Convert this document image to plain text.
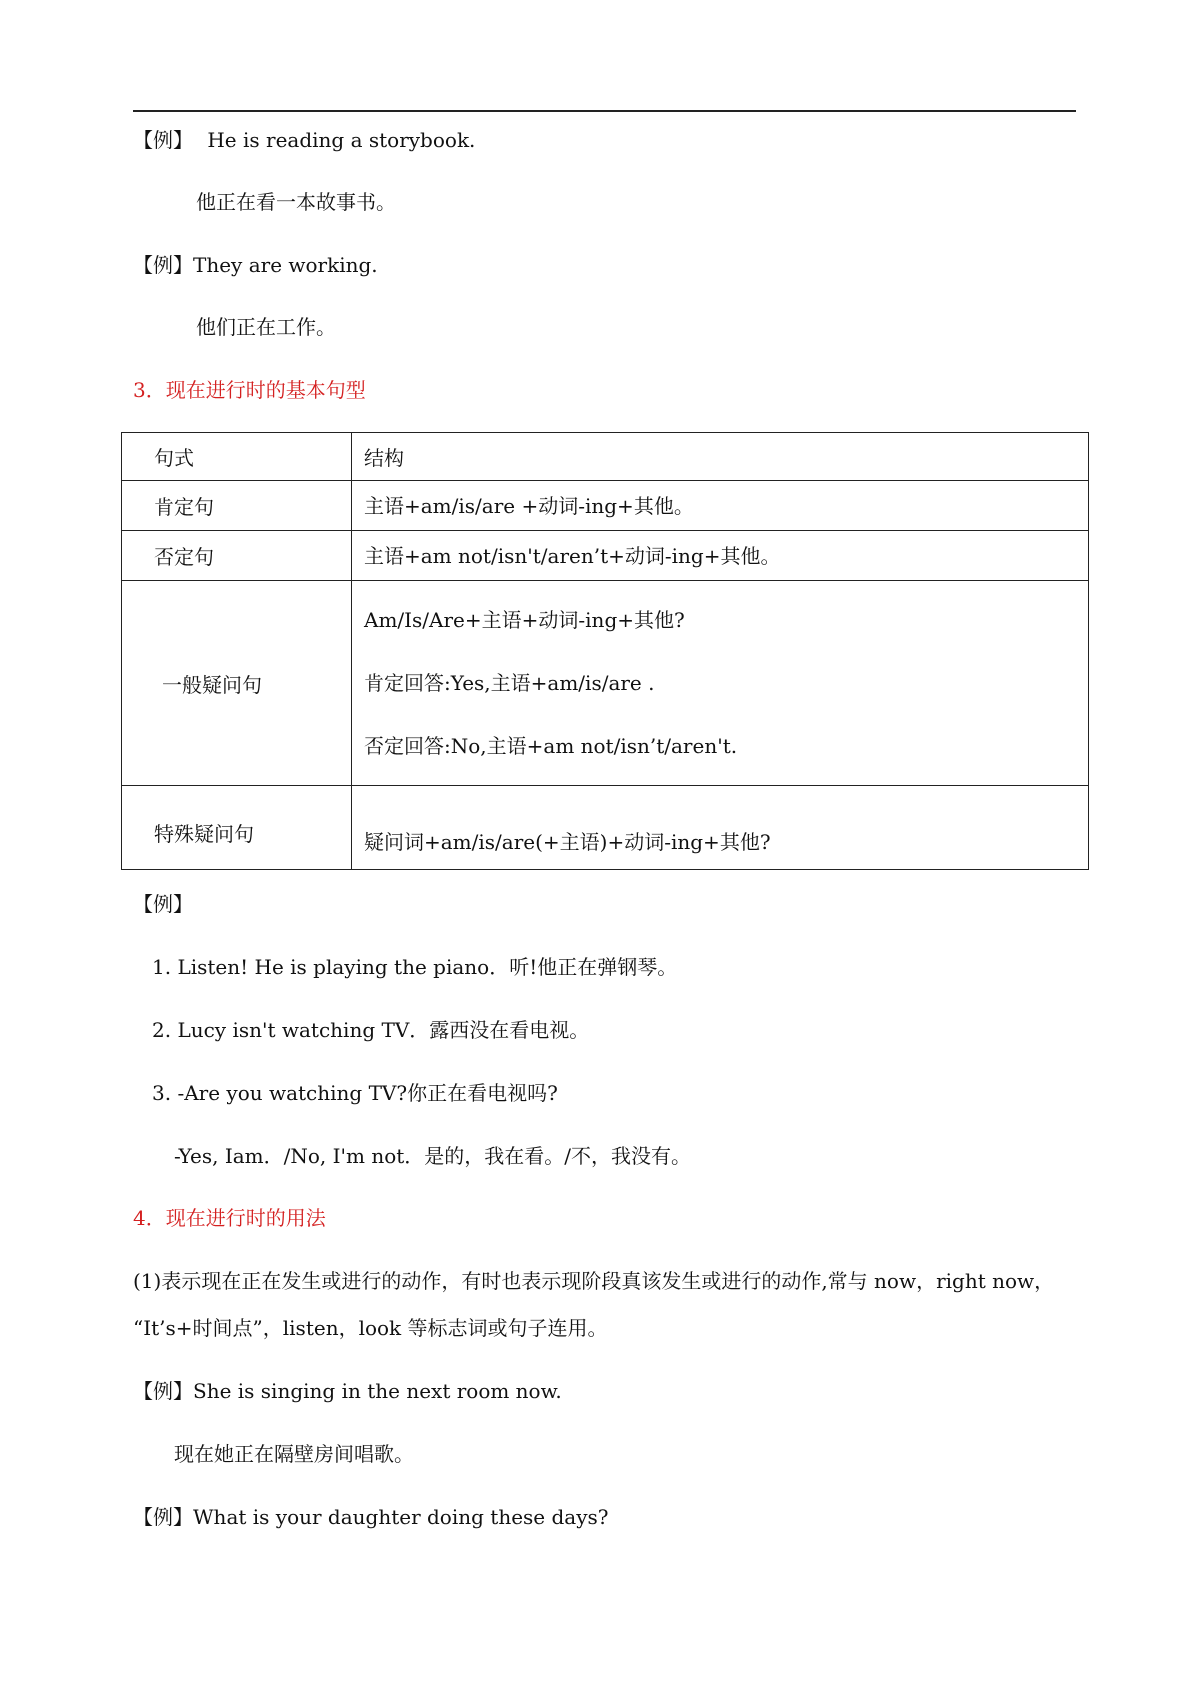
【例】 He is reading a storybook.
他正在看一本故事书。
【例】They are working.
他们正在工作。
3．现在进行时的基本句型
句式	结构
肯定句	主语+am/is/are +动词-ing+其他。

否定句	主语+am not/isn't/aren’t+动词-ing+其他。

一般疑问句	Am/Is/Are+主语+动词-ing+其他?

肯定回答:Yes,主语+am/is/are .

否定回答:No,主语+am not/isn’t/aren't.

特殊疑问句	疑问词+am/is/are(+主语)+动词-ing+其他?

【例】
1. Listen! He is playing the piano．听!他正在弹钢琴。
2. Lucy isn't watching TV．露西没在看电视。
3. -Are you watching TV?你正在看电视吗?
-Yes, Iam．/No, I'm not．是的，我在看。/不，我没有。
4．现在进行时的用法
(1)表示现在正在发生或进行的动作，有时也表示现阶段真该发生或进行的动作,常与 now，right now，
“It’s+时间点”，listen，look 等标志词或句子连用。
【例】She is singing in the next room now.
现在她正在隔壁房间唱歌。
【例】What is your daughter doing these days?
